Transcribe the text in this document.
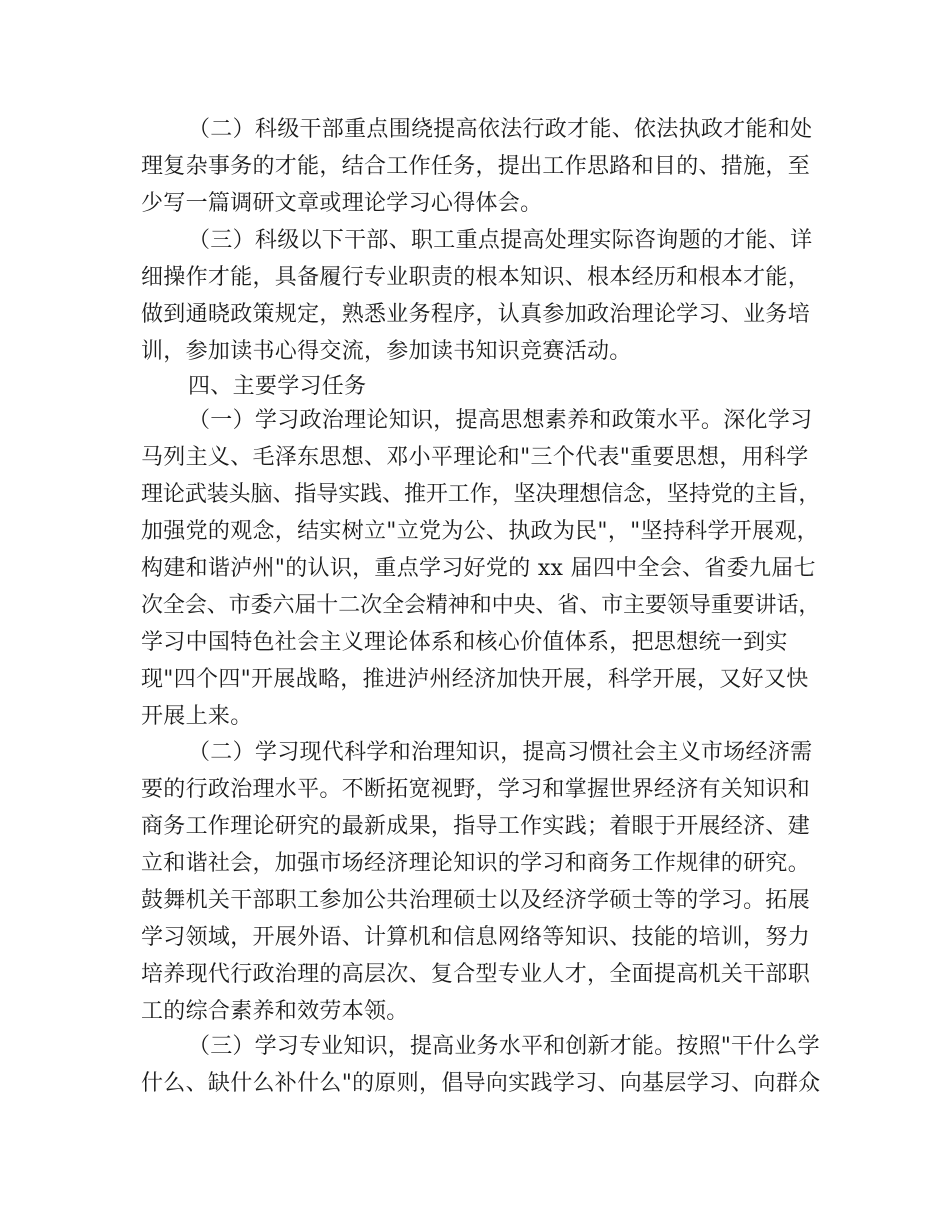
（二）科级干部重点围绕提高依法行政才能、依法执政才能和处
理复杂事务的才能，结合工作任务，提出工作思路和目的、措施，至
少写一篇调研文章或理论学习心得体会。
（三）科级以下干部、职工重点提高处理实际咨询题的才能、详
细操作才能，具备履行专业职责的根本知识、根本经历和根本才能，
做到通晓政策规定，熟悉业务程序，认真参加政治理论学习、业务培
训，参加读书心得交流，参加读书知识竞赛活动。
四、主要学习任务
（一）学习政治理论知识，提高思想素养和政策水平。深化学习
马列主义、毛泽东思想、邓小平理论和"三个代表"重要思想，用科学
理论武装头脑、指导实践、推开工作，坚决理想信念，坚持党的主旨，
加强党的观念，结实树立"立党为公、执政为民"，"坚持科学开展观，
构建和谐泸州"的认识，重点学习好党的 xx 届四中全会、省委九届七
次全会、市委六届十二次全会精神和中央、省、市主要领导重要讲话，
学习中国特色社会主义理论体系和核心价值体系，把思想统一到实
现"四个四"开展战略，推进泸州经济加快开展，科学开展，又好又快
开展上来。
（二）学习现代科学和治理知识，提高习惯社会主义市场经济需
要的行政治理水平。不断拓宽视野，学习和掌握世界经济有关知识和
商务工作理论研究的最新成果，指导工作实践；着眼于开展经济、建
立和谐社会，加强市场经济理论知识的学习和商务工作规律的研究。
鼓舞机关干部职工参加公共治理硕士以及经济学硕士等的学习。拓展
学习领域，开展外语、计算机和信息网络等知识、技能的培训，努力
培养现代行政治理的高层次、复合型专业人才，全面提高机关干部职
工的综合素养和效劳本领。
（三）学习专业知识，提高业务水平和创新才能。按照"干什么学
什么、缺什么补什么"的原则，倡导向实践学习、向基层学习、向群众
